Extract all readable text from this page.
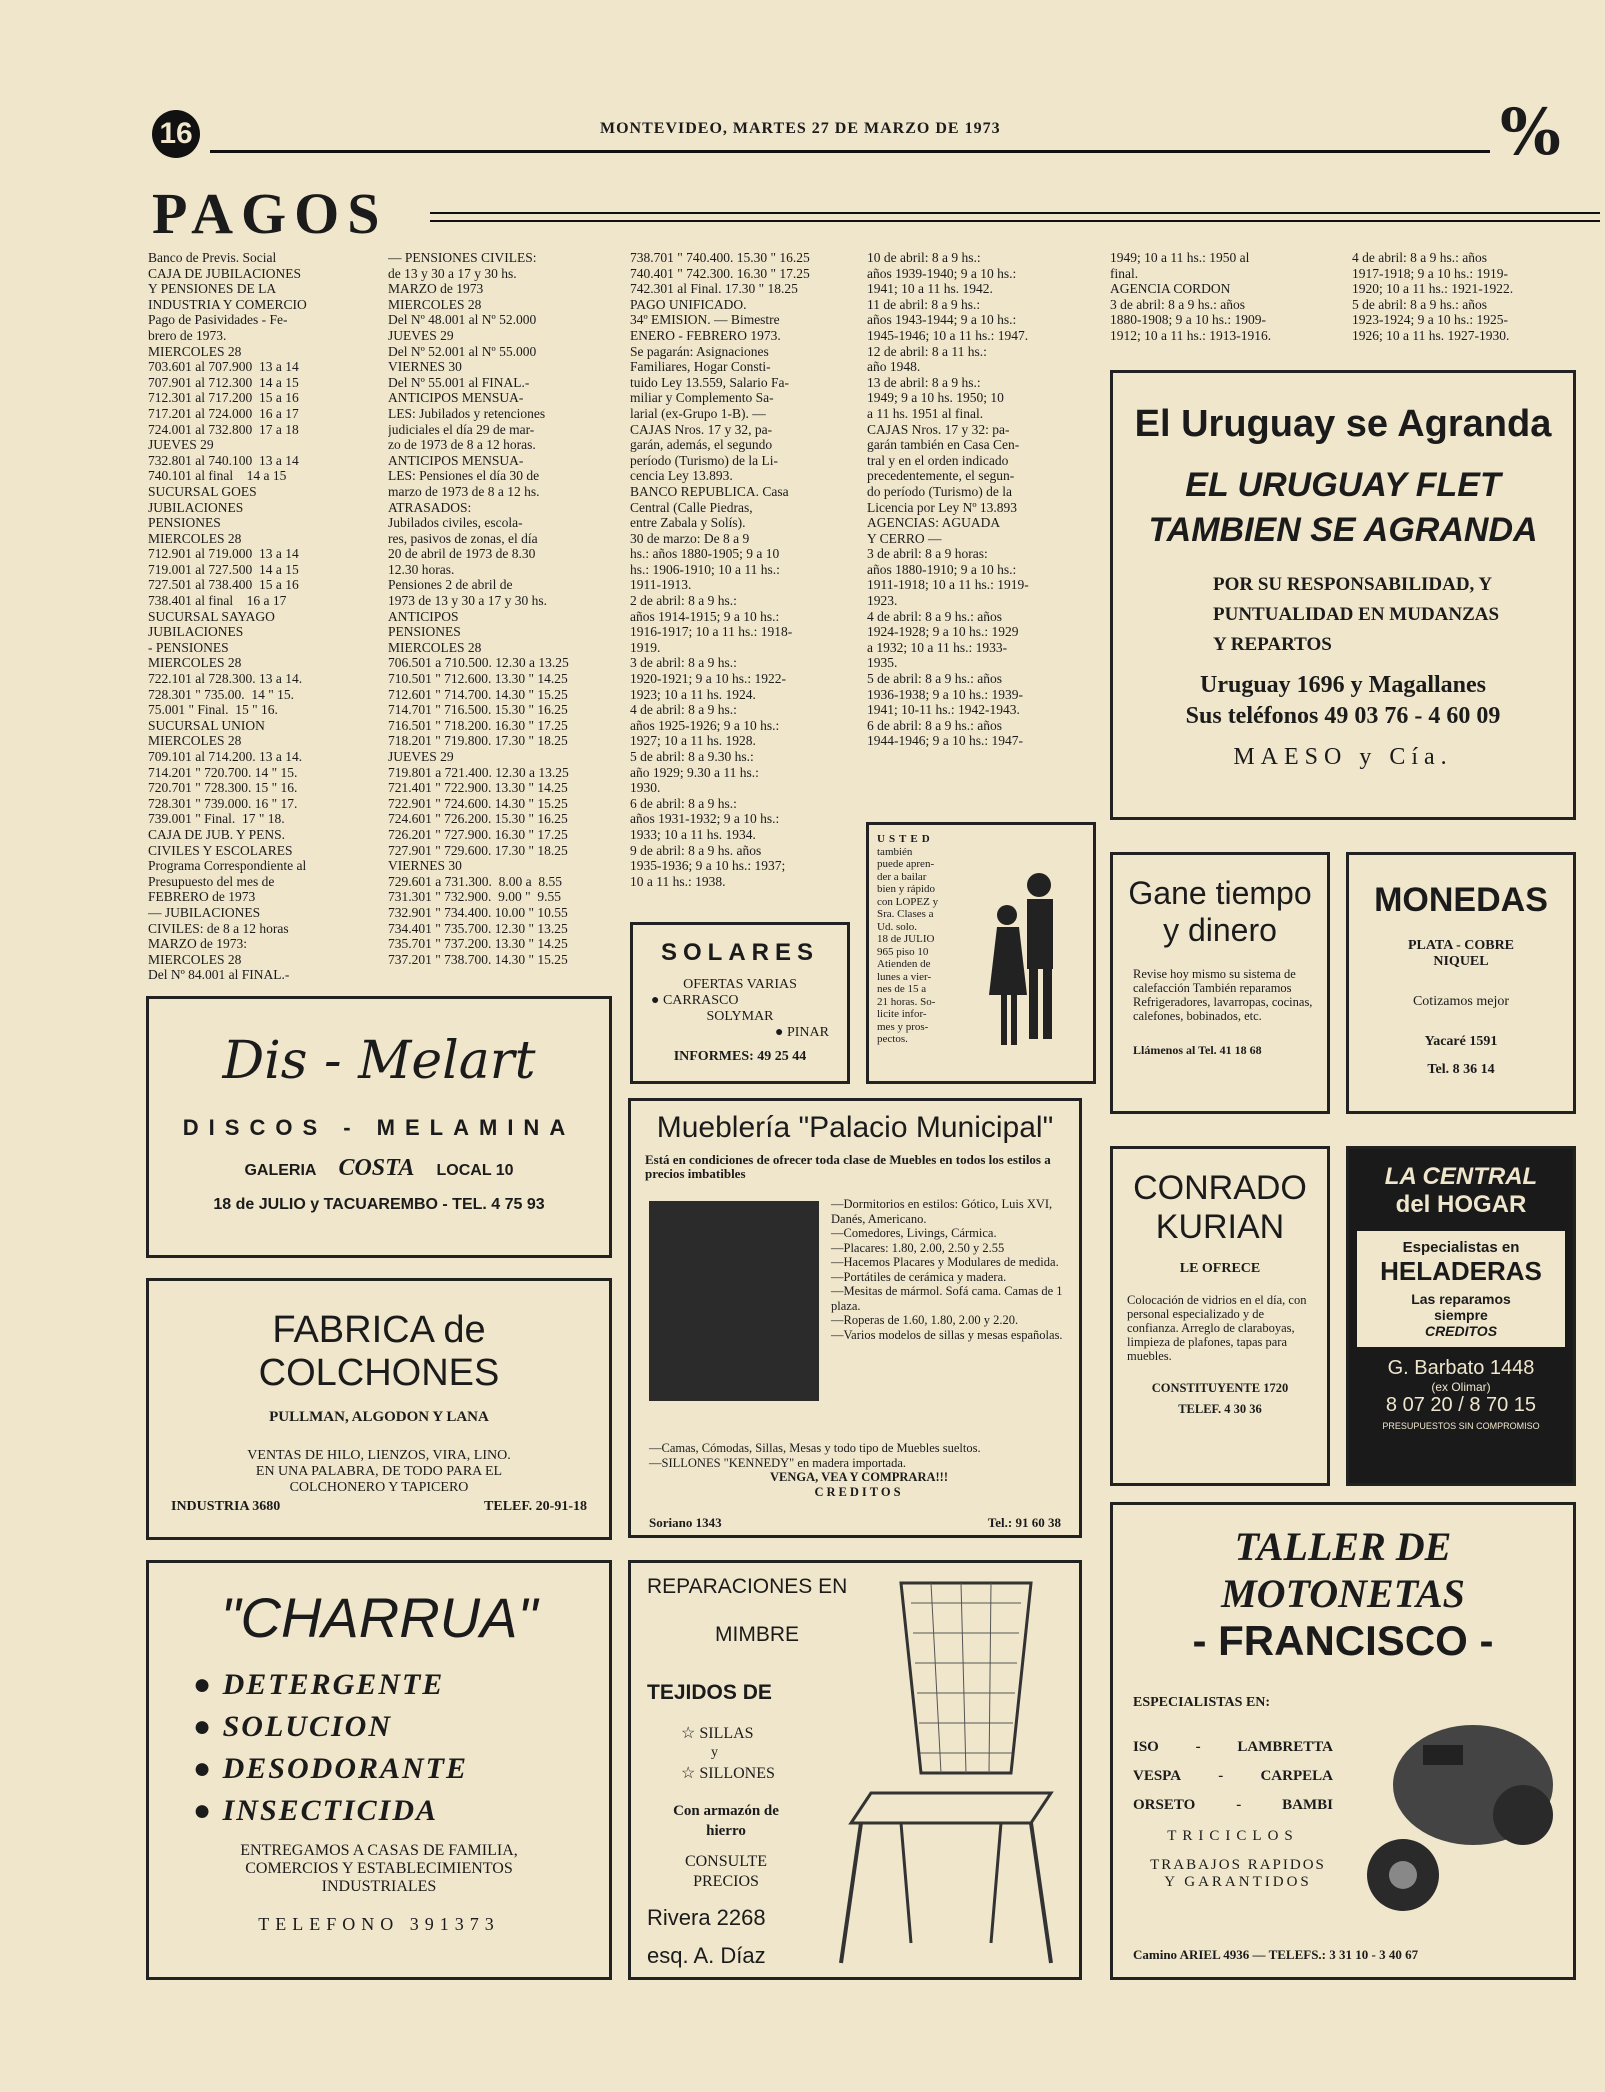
16	MONTEVIDEO, MARTES 27 DE MARZO DE 1973	%
PAGOS
Banco de Previs. Social
CAJA DE JUBILACIONES
Y PENSIONES DE LA
INDUSTRIA Y COMERCIO
Pago de Pasividades - Fe-
brero de 1973.
MIERCOLES 28
703.601 al 707.900  13 a 14
707.901 al 712.300  14 a 15
712.301 al 717.200  15 a 16
717.201 al 724.000  16 a 17
724.001 al 732.800  17 a 18
JUEVES 29
732.801 al 740.100  13 a 14
740.101 al final    14 a 15
SUCURSAL GOES
JUBILACIONES
PENSIONES
MIERCOLES 28
712.901 al 719.000  13 a 14
719.001 al 727.500  14 a 15
727.501 al 738.400  15 a 16
738.401 al final    16 a 17
SUCURSAL SAYAGO
JUBILACIONES
- PENSIONES
MIERCOLES 28
722.101 al 728.300. 13 a 14.
728.301 " 735.00.  14 " 15.
75.001 " Final.  15 " 16.
SUCURSAL UNION
MIERCOLES 28
709.101 al 714.200. 13 a 14.
714.201 " 720.700. 14 " 15.
720.701 " 728.300. 15 " 16.
728.301 " 739.000. 16 " 17.
739.001 " Final.  17 " 18.
CAJA DE JUB. Y PENS.
CIVILES Y ESCOLARES
Programa Correspondiente al
Presupuesto del mes de
FEBRERO de 1973
— JUBILACIONES
CIVILES: de 8 a 12 horas
MARZO de 1973:
MIERCOLES 28
Del Nº 84.001 al FINAL.-
— PENSIONES CIVILES:
de 13 y 30 a 17 y 30 hs.
MARZO de 1973
MIERCOLES 28
Del Nº 48.001 al Nº 52.000
JUEVES 29
Del Nº 52.001 al Nº 55.000
VIERNES 30
Del Nº 55.001 al FINAL.-
ANTICIPOS MENSUA-
LES: Jubilados y retenciones
judiciales el día 29 de mar-
zo de 1973 de 8 a 12 horas.
ANTICIPOS MENSUA-
LES: Pensiones el día 30 de
marzo de 1973 de 8 a 12 hs.
ATRASADOS:
Jubilados civiles, escola-
res, pasivos de zonas, el día
20 de abril de 1973 de 8.30
12.30 horas.
Pensiones 2 de abril de
1973 de 13 y 30 a 17 y 30 hs.
ANTICIPOS
PENSIONES
MIERCOLES 28
706.501 a 710.500. 12.30 a 13.25
710.501 " 712.600. 13.30 " 14.25
712.601 " 714.700. 14.30 " 15.25
714.701 " 716.500. 15.30 " 16.25
716.501 " 718.200. 16.30 " 17.25
718.201 " 719.800. 17.30 " 18.25
JUEVES 29
719.801 a 721.400. 12.30 a 13.25
721.401 " 722.900. 13.30 " 14.25
722.901 " 724.600. 14.30 " 15.25
724.601 " 726.200. 15.30 " 16.25
726.201 " 727.900. 16.30 " 17.25
727.901 " 729.600. 17.30 " 18.25
VIERNES 30
729.601 a 731.300.  8.00 a  8.55
731.301 " 732.900.  9.00 "  9.55
732.901 " 734.400. 10.00 " 10.55
734.401 " 735.700. 12.30 " 13.25
735.701 " 737.200. 13.30 " 14.25
737.201 " 738.700. 14.30 " 15.25
738.701 " 740.400. 15.30 " 16.25
740.401 " 742.300. 16.30 " 17.25
742.301 al Final. 17.30 " 18.25
PAGO UNIFICADO.
34º EMISION. — Bimestre
ENERO - FEBRERO 1973.
Se pagarán: Asignaciones
Familiares, Hogar Consti-
tuido Ley 13.559, Salario Fa-
miliar y Complemento Sa-
larial (ex-Grupo 1-B). —
CAJAS Nros. 17 y 32, pa-
garán, además, el segundo
período (Turismo) de la Li-
cencia Ley 13.893.
BANCO REPUBLICA. Casa
Central (Calle Piedras,
entre Zabala y Solís).
30 de marzo: De 8 a 9
hs.: años 1880-1905; 9 a 10
hs.: 1906-1910; 10 a 11 hs.:
1911-1913.
2 de abril: 8 a 9 hs.:
años 1914-1915; 9 a 10 hs.:
1916-1917; 10 a 11 hs.: 1918-
1919.
3 de abril: 8 a 9 hs.:
1920-1921; 9 a 10 hs.: 1922-
1923; 10 a 11 hs. 1924.
4 de abril: 8 a 9 hs.:
años 1925-1926; 9 a 10 hs.:
1927; 10 a 11 hs. 1928.
5 de abril: 8 a 9.30 hs.:
año 1929; 9.30 a 11 hs.:
1930.
6 de abril: 8 a 9 hs.:
años 1931-1932; 9 a 10 hs.:
1933; 10 a 11 hs. 1934.
9 de abril: 8 a 9 hs. años
1935-1936; 9 a 10 hs.: 1937;
10 a 11 hs.: 1938.
10 de abril: 8 a 9 hs.:
años 1939-1940; 9 a 10 hs.:
1941; 10 a 11 hs. 1942.
11 de abril: 8 a 9 hs.:
años 1943-1944; 9 a 10 hs.:
1945-1946; 10 a 11 hs.: 1947.
12 de abril: 8 a 11 hs.:
año 1948.
13 de abril: 8 a 9 hs.:
1949; 9 a 10 hs. 1950; 10
a 11 hs. 1951 al final.
CAJAS Nros. 17 y 32: pa-
garán también en Casa Cen-
tral y en el orden indicado
precedentemente, el segun-
do período (Turismo) de la
Licencia por Ley Nº 13.893
AGENCIAS: AGUADA
Y CERRO —
3 de abril: 8 a 9 horas:
años 1880-1910; 9 a 10 hs.:
1911-1918; 10 a 11 hs.: 1919-
1923.
4 de abril: 8 a 9 hs.: años
1924-1928; 9 a 10 hs.: 1929
a 1932; 10 a 11 hs.: 1933-
1935.
5 de abril: 8 a 9 hs.: años
1936-1938; 9 a 10 hs.: 1939-
1941; 10-11 hs.: 1942-1943.
6 de abril: 8 a 9 hs.: años
1944-1946; 9 a 10 hs.: 1947-
1949; 10 a 11 hs.: 1950 al
final.
AGENCIA CORDON
3 de abril: 8 a 9 hs.: años
1880-1908; 9 a 10 hs.: 1909-
1912; 10 a 11 hs.: 1913-1916.
4 de abril: 8 a 9 hs.: años
1917-1918; 9 a 10 hs.: 1919-
1920; 10 a 11 hs.: 1921-1922.
5 de abril: 8 a 9 hs.: años
1923-1924; 9 a 10 hs.: 1925-
1926; 10 a 11 hs. 1927-1930.
El Uruguay se Agranda
EL URUGUAY FLET
TAMBIEN SE AGRANDA
POR SU RESPONSABILIDAD, Y
PUNTUALIDAD EN MUDANZAS
Y REPARTOS
Uruguay 1696 y Magallanes
Sus teléfonos 49 03 76 - 4 60 09
MAESO y Cía.
USTED
también
puede apren-
der a bailar
bien y rápido
con LOPEZ y
Sra. Clases a
Ud. solo.
18 de JULIO
965 piso 10
Atienden de
lunes a vier-
nes de 15 a
21 horas. So-
licite infor-
mes y pros-
pectos.
SOLARES
OFERTAS VARIAS
● CARRASCO
SOLYMAR
● PINAR
INFORMES: 49 25 44
Gane tiempo
y dinero
Revise hoy mismo su sistema de calefacción También reparamos Refrigeradores, lavarropas, cocinas, calefones, bobinados, etc.
Llámenos al Tel. 41 18 68
MONEDAS
PLATA - COBRE
NIQUEL
Cotizamos mejor
Yacaré 1591
Tel. 8 36 14
Dis - Melart
DISCOS - MELAMINA
GALERIA COSTA LOCAL 10
18 de JULIO y TACUAREMBO - TEL. 4 75 93
Mueblería "Palacio Municipal"
Está en condiciones de ofrecer toda clase de Muebles en todos los estilos a precios imbatibles
—Dormitorios en estilos: Gótico, Luis XVI, Danés, Americano.
—Comedores, Livings, Cármica.
—Placares: 1.80, 2.00, 2.50 y 2.55
—Hacemos Placares y Modulares de medida.
—Portátiles de cerámica y madera.
—Mesitas de mármol. Sofá cama. Camas de 1 plaza.
—Roperas de 1.60, 1.80, 2.00 y 2.20.
—Varios modelos de sillas y mesas españolas.
—Camas, Cómodas, Sillas, Mesas y todo tipo de Muebles sueltos.
—SILLONES "KENNEDY" en madera importada.
VENGA, VEA Y COMPRARA!!!
CREDITOS
Soriano 1343	Tel.: 91 60 38
CONRADO
KURIAN
LE OFRECE
Colocación de vidrios en el día, con personal especializado y de confianza. Arreglo de claraboyas, limpieza de plafones, tapas para muebles.
CONSTITUYENTE 1720
TELEF. 4 30 36
LA CENTRAL
del HOGAR
Especialistas en
HELADERAS
Las reparamos
siempre
CREDITOS
G. Barbato 1448
(ex Olimar)
8 07 20 / 8 70 15
PRESUPUESTOS SIN COMPROMISO
FABRICA de COLCHONES
PULLMAN, ALGODON Y LANA
VENTAS DE HILO, LIENZOS, VIRA, LINO.
EN UNA PALABRA, DE TODO PARA EL
COLCHONERO Y TAPICERO
INDUSTRIA 3680	TELEF. 20-91-18
"CHARRUA"
● DETERGENTE
● SOLUCION
● DESODORANTE
● INSECTICIDA
ENTREGAMOS A CASAS DE FAMILIA,
COMERCIOS Y ESTABLECIMIENTOS
INDUSTRIALES
TELEFONO 391373
REPARACIONES EN
MIMBRE
TEJIDOS DE
☆ SILLAS
y
☆ SILLONES
Con armazón de
hierro
CONSULTE
PRECIOS
Rivera 2268
esq. A. Díaz
TALLER DE
MOTONETAS
- FRANCISCO -
ESPECIALISTAS EN:
ISO - LAMBRETTA
VESPA - CARPELA
ORSETO	-	BAMBI
TRICICLOS
TRABAJOS RAPIDOS
Y GARANTIDOS
Camino ARIEL 4936 — TELEFS.: 3 31 10 - 3 40 67
